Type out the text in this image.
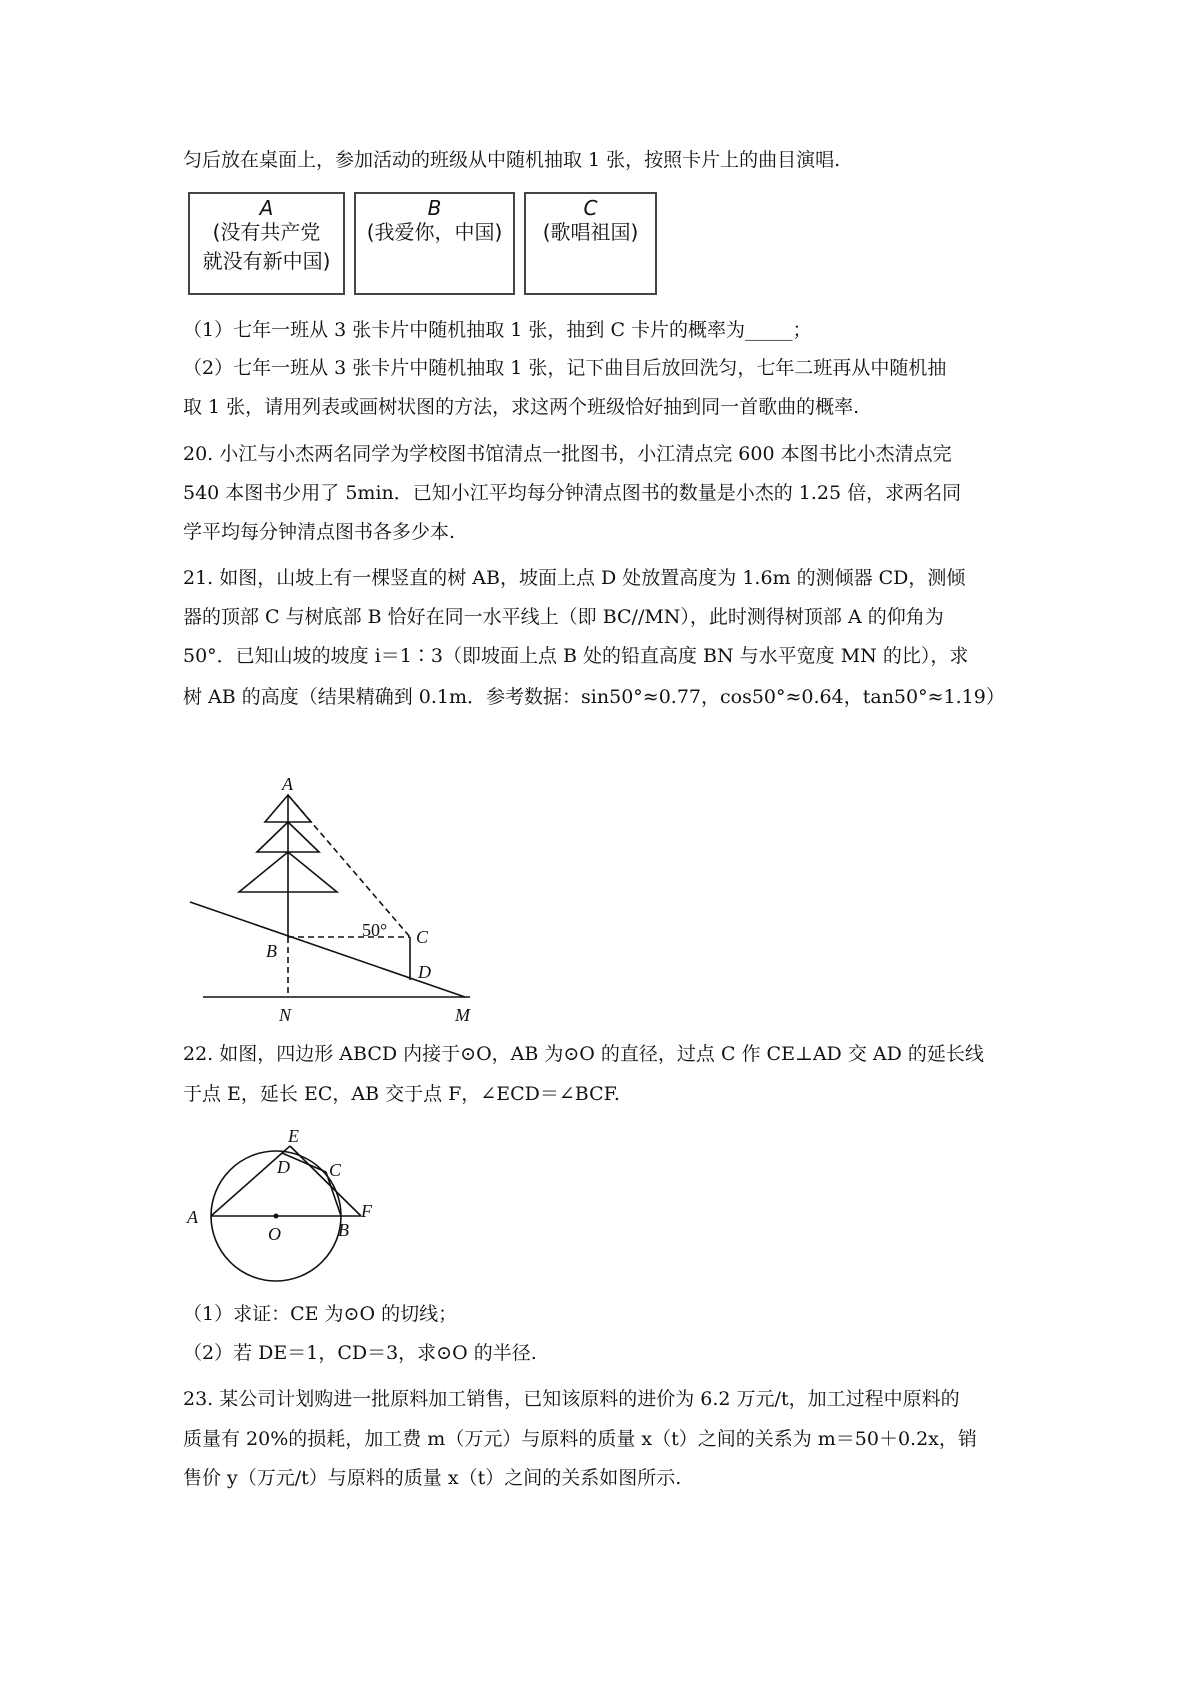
匀后放在桌面上，参加活动的班级从中随机抽取 1 张，按照卡片上的曲目演唱.
A
(没有共产党
就没有新中国)
B
(我爱你，中国)
C
(歌唱祖国)
（1）七年一班从 3 张卡片中随机抽取 1 张，抽到 C 卡片的概率为_____；
（2）七年一班从 3 张卡片中随机抽取 1 张，记下曲目后放回洗匀，七年二班再从中随机抽
取 1 张，请用列表或画树状图的方法，求这两个班级恰好抽到同一首歌曲的概率.
20. 小江与小杰两名同学为学校图书馆清点一批图书，小江清点完 600 本图书比小杰清点完
540 本图书少用了 5min．已知小江平均每分钟清点图书的数量是小杰的 1.25 倍，求两名同
学平均每分钟清点图书各多少本.
21. 如图，山坡上有一棵竖直的树 AB，坡面上点 D 处放置高度为 1.6m 的测倾器 CD，测倾
器的顶部 C 与树底部 B 恰好在同一水平线上（即 BC//MN），此时测得树顶部 A 的仰角为
50°．已知山坡的坡度 i＝1∶3（即坡面上点 B 处的铅直高度 BN 与水平宽度 MN 的比），求
树 AB 的高度（结果精确到 0.1m．参考数据：sin50°≈0.77，cos50°≈0.64，tan50°≈1.19）
A
B
C
D
N	M
50°
22. 如图，四边形 ABCD 内接于⊙O，AB 为⊙O 的直径，过点 C 作 CE⊥AD 交 AD 的延长线
于点 E，延长 EC，AB 交于点 F，∠ECD＝∠BCF.
A
B
C
D
E
F
O
（1）求证：CE 为⊙O 的切线；
（2）若 DE＝1，CD＝3，求⊙O 的半径.
23. 某公司计划购进一批原料加工销售，已知该原料的进价为 6.2 万元/t，加工过程中原料的
质量有 20%的损耗，加工费 m（万元）与原料的质量 x（t）之间的关系为 m＝50＋0.2x，销
售价 y（万元/t）与原料的质量 x（t）之间的关系如图所示.
